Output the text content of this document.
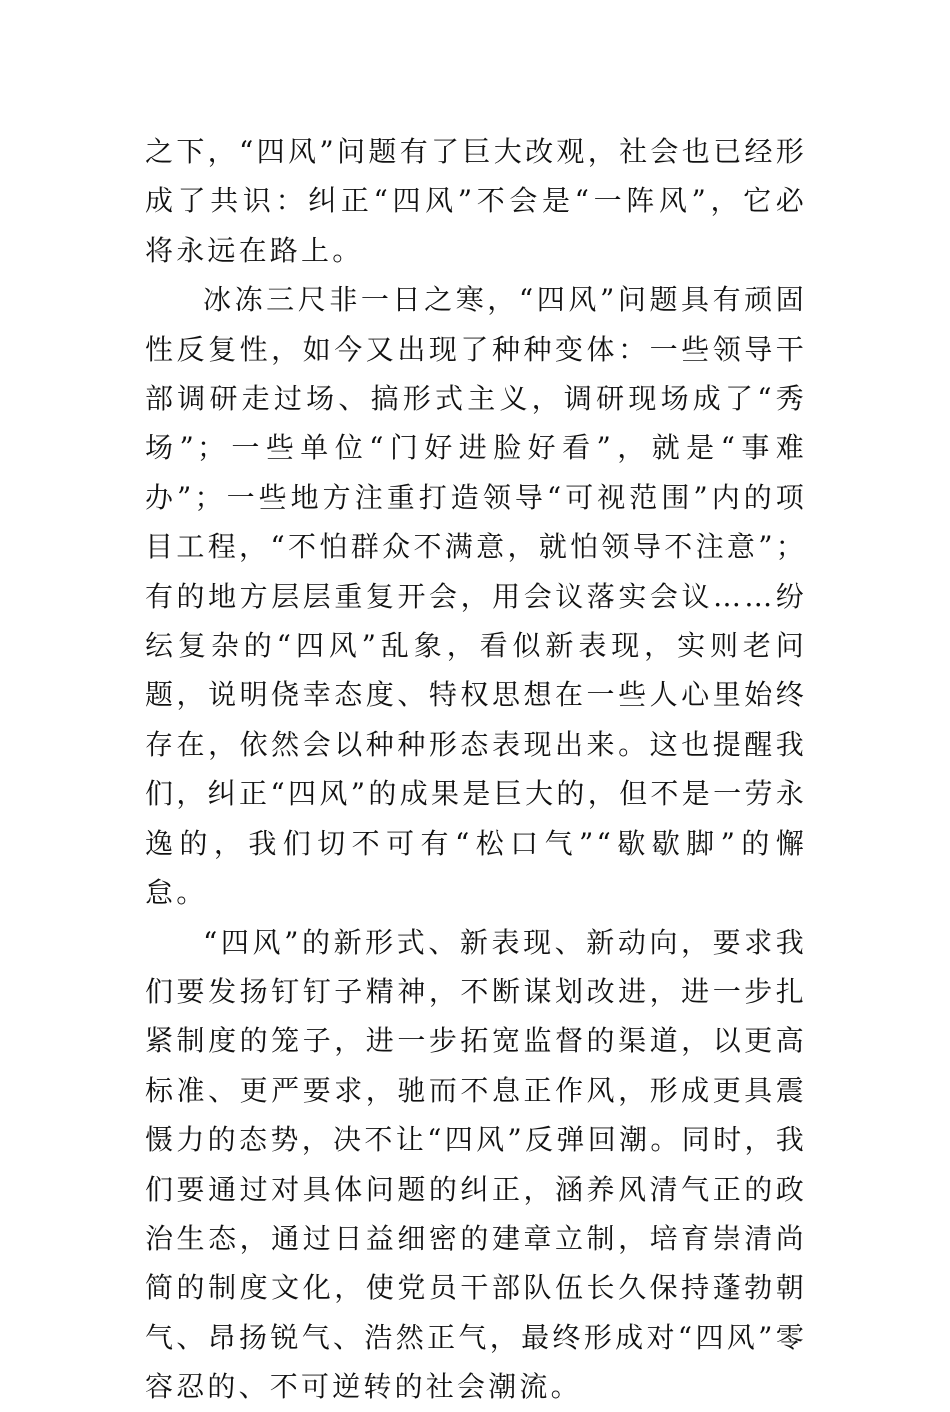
之下，“四风”问题有了巨大改观，社会也已经形成了共识：纠正“四风”不会是“一阵风”，它必将永远在路上。

冰冻三尺非一日之寒，“四风”问题具有顽固性反复性，如今又出现了种种变体：一些领导干部调研走过场、搞形式主义，调研现场成了“秀场”；一些单位“门好进脸好看”，就是“事难办”；一些地方注重打造领导“可视范围”内的项目工程，“不怕群众不满意，就怕领导不注意”；有的地方层层重复开会，用会议落实会议……纷纭复杂的“四风”乱象，看似新表现，实则老问题，说明侥幸态度、特权思想在一些人心里始终存在，依然会以种种形态表现出来。这也提醒我们，纠正“四风”的成果是巨大的，但不是一劳永逸的，我们切不可有“松口气”“歇歇脚”的懈怠。

“四风”的新形式、新表现、新动向，要求我们要发扬钉钉子精神，不断谋划改进，进一步扎紧制度的笼子，进一步拓宽监督的渠道，以更高标准、更严要求，驰而不息正作风，形成更具震慑力的态势，决不让“四风”反弹回潮。同时，我们要通过对具体问题的纠正，涵养风清气正的政治生态，通过日益细密的建章立制，培育崇清尚简的制度文化，使党员干部队伍长久保持蓬勃朝气、昂扬锐气、浩然正气，最终形成对“四风”零容忍的、不可逆转的社会潮流。
